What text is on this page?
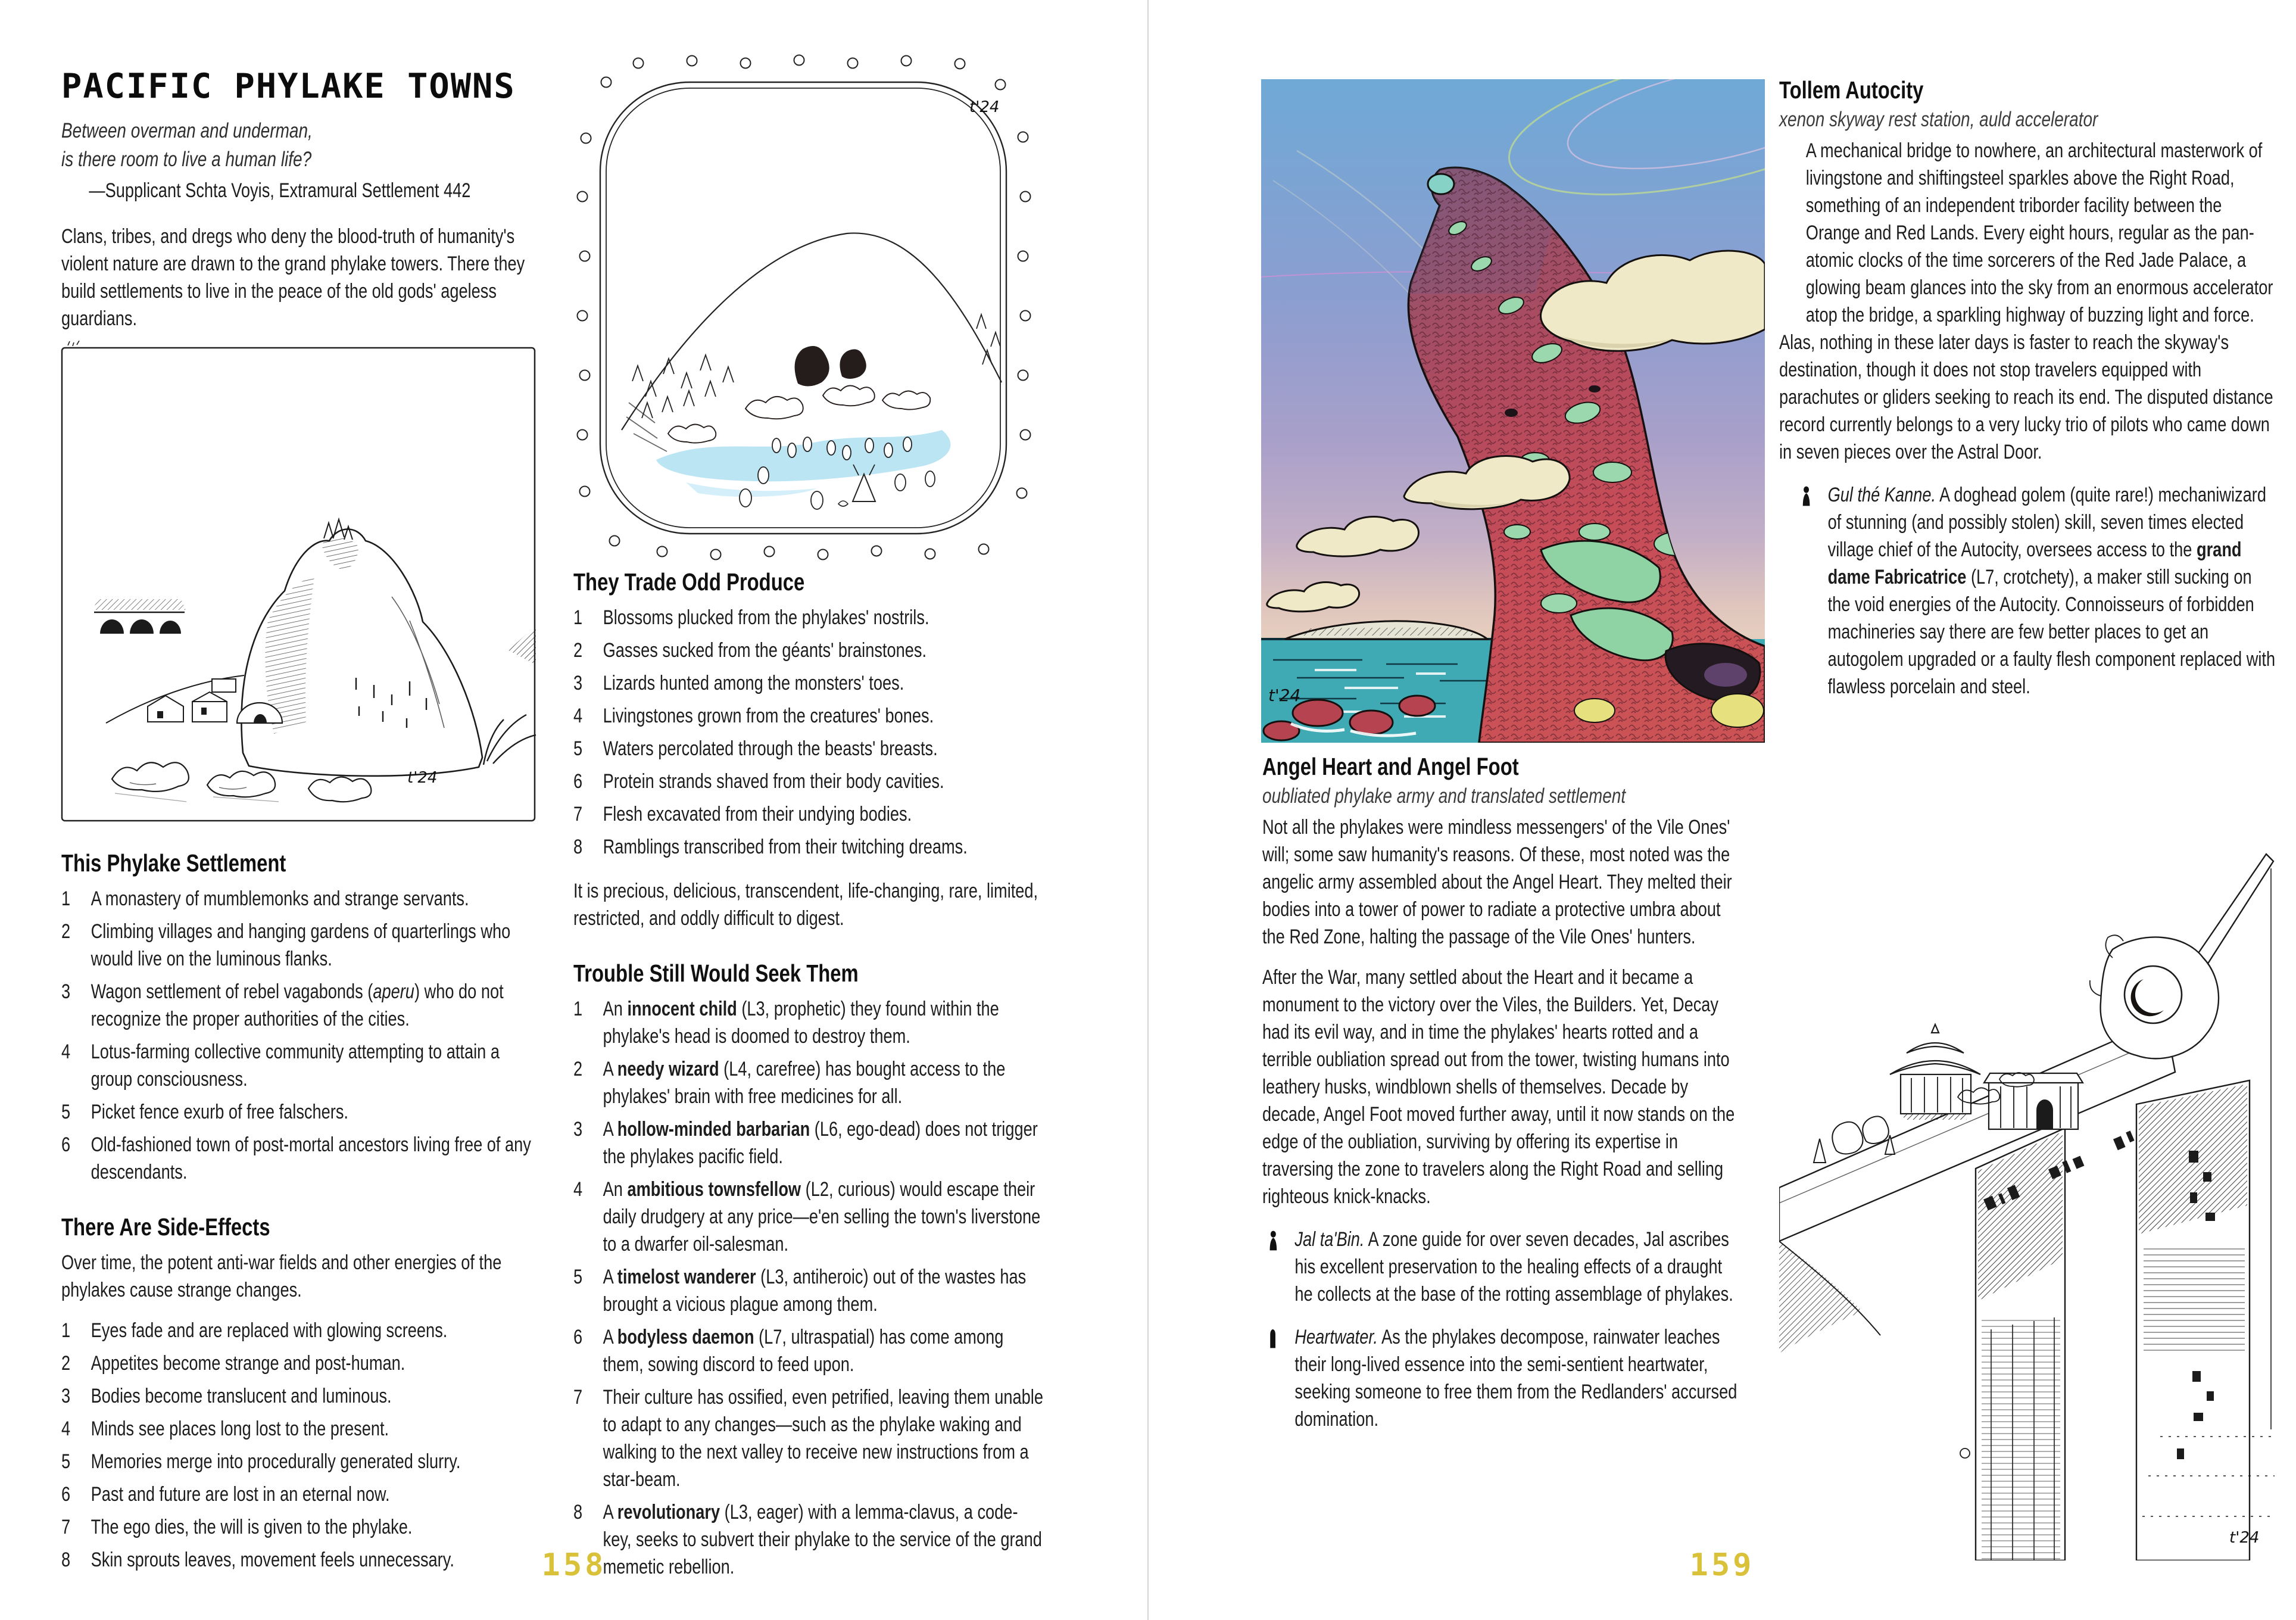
PACIFIC PHYLAKE TOWNS
Between overman and underman,
is there room to live a human life?
—Supplicant Schta Voyis, Extramural Settlement 442
Clans, tribes, and dregs who deny the blood-truth of humanity's violent nature are drawn to the grand phylake towers. There they build settlements to live in the peace of the old gods' ageless guardians.
t'24
This Phylake Settlement
1	A monastery of mumblemonks and strange servants.
2	Climbing villages and hanging gardens of quarterlings who would live on the luminous flanks.
3	Wagon settlement of rebel vagabonds (aperu) who do not recognize the proper authorities of the cities.
4	Lotus-farming collective community attempting to attain a group consciousness.
5	Picket fence exurb of free falschers.
6	Old-fashioned town of post-mortal ancestors living free of any descendants.
There Are Side-Effects
Over time, the potent anti-war fields and other energies of the phylakes cause strange changes.
1	Eyes fade and are replaced with glowing screens.
2	Appetites become strange and post-human.
3	Bodies become translucent and luminous.
4	Minds see places long lost to the present.
5	Memories merge into procedurally generated slurry.
6	Past and future are lost in an eternal now.
7	The ego dies, the will is given to the phylake.
8	Skin sprouts leaves, movement feels unnecessary.
t'24
They Trade Odd Produce
1	Blossoms plucked from the phylakes' nostrils.
2	Gasses sucked from the géants' brainstones.
3	Lizards hunted among the monsters' toes.
4	Livingstones grown from the creatures' bones.
5	Waters percolated through the beasts' breasts.
6	Protein strands shaved from their body cavities.
7	Flesh excavated from their undying bodies.
8	Ramblings transcribed from their twitching dreams.
It is precious, delicious, transcendent, life-changing, rare, limited, restricted, and oddly difficult to digest.
Trouble Still Would Seek Them
1	An innocent child (L3, prophetic) they found within the phylake's head is doomed to destroy them.
2	A needy wizard (L4, carefree) has bought access to the phylakes' brain with free medicines for all.
3	A hollow-minded barbarian (L6, ego-dead) does not trigger the phylakes pacific field.
4	An ambitious townsfellow (L2, curious) would escape their daily drudgery at any price—e'en selling the town's liverstone to a dwarfer oil-salesman.
5	A timelost wanderer (L3, antiheroic) out of the wastes has brought a vicious plague among them.
6	A bodyless daemon (L7, ultraspatial) has come among them, sowing discord to feed upon.
7	Their culture has ossified, even petrified, leaving them unable to adapt to any changes—such as the phylake waking and walking to the next valley to receive new instructions from a star-beam.
8	A revolutionary (L3, eager) with a lemma-clavus, a code-key, seeks to subvert their phylake to the service of the grand memetic rebellion.
158
t'24
Angel Heart and Angel Foot
oubliated phylake army and translated settlement
Not all the phylakes were mindless messengers' of the Vile Ones' will; some saw humanity's reasons. Of these, most noted was the angelic army assembled about the Angel Heart. They melted their bodies into a tower of power to radiate a protective umbra about the Red Zone, halting the passage of the Vile Ones' hunters.
After the War, many settled about the Heart and it became a monument to the victory over the Viles, the Builders. Yet, Decay had its evil way, and in time the phylakes' hearts rotted and a terrible oubliation spread out from the tower, twisting humans into leathery husks, windblown shells of themselves. Decade by decade, Angel Foot moved further away, until it now stands on the edge of the oubliation, surviving by offering its expertise in traversing the zone to travelers along the Right Road and selling righteous knick-knacks.
Jal ta'Bin. A zone guide for over seven decades, Jal ascribes his excellent preservation to the healing effects of a draught he collects at the base of the rotting assemblage of phylakes.
Heartwater. As the phylakes decompose, rainwater leaches their long-lived essence into the semi-sentient heartwater, seeking someone to free them from the Redlanders' accursed domination.
Tollem Autocity
xenon skyway rest station, auld accelerator
A mechanical bridge to nowhere, an architectural masterwork of livingstone and shiftingsteel sparkles above the Right Road, something of an independent triborder facility between the Orange and Red Lands. Every eight hours, regular as the pan-atomic clocks of the time sorcerers of the Red Jade Palace, a glowing beam glances into the sky from an enormous accelerator atop the bridge, a sparkling highway of buzzing light and force. Alas, nothing in these later days is faster to reach the skyway's destination, though it does not stop travelers equipped with parachutes or gliders seeking to reach its end. The disputed distance record currently belongs to a very lucky trio of pilots who came down in seven pieces over the Astral Door.
Gul thé Kanne. A doghead golem (quite rare!) mechaniwizard of stunning (and possibly stolen) skill, seven times elected village chief of the Autocity, oversees access to the grand dame Fabricatrice (L7, crotchety), a maker still sucking on the void energies of the Autocity. Connoisseurs of forbidden machineries say there are few better places to get an autogolem upgraded or a faulty flesh component replaced with flawless porcelain and steel.
t'24
159
